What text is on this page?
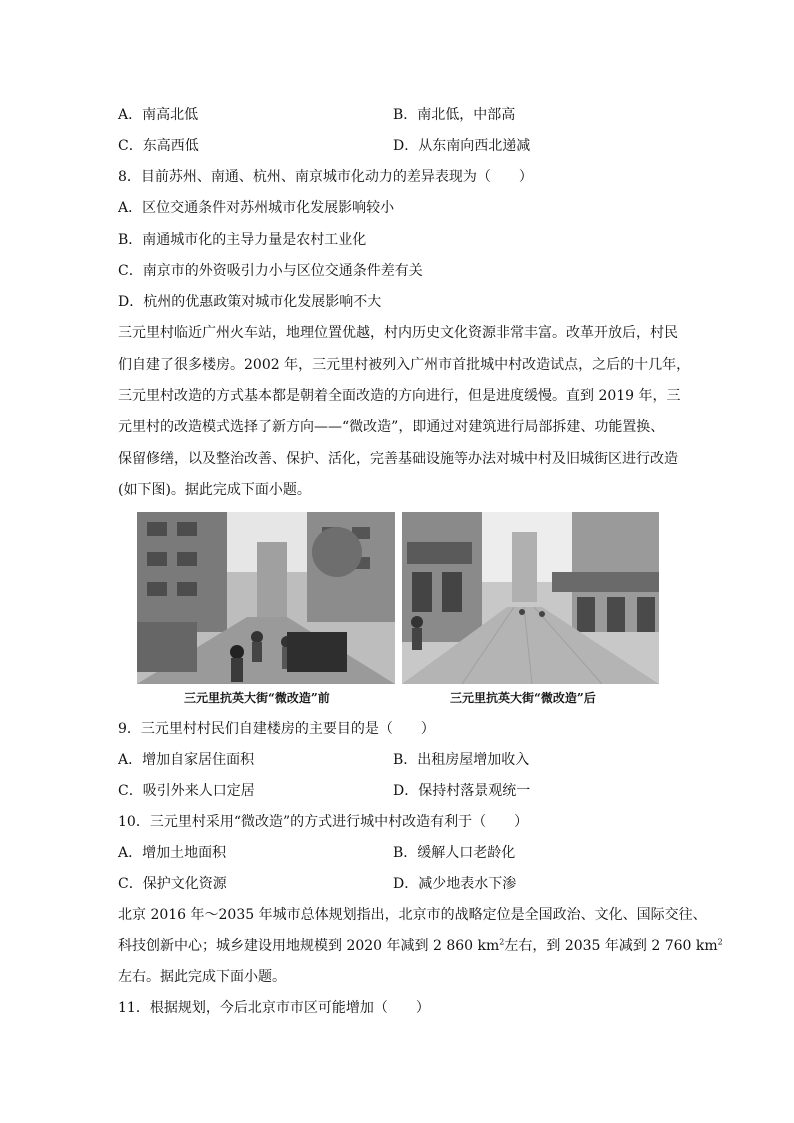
A．南高北低	B．南北低，中部高
C．东高西低	D．从东南向西北递减
8．目前苏州、南通、杭州、南京城市化动力的差异表现为（　　）
A．区位交通条件对苏州城市化发展影响较小
B．南通城市化的主导力量是农村工业化
C．南京市的外资吸引力小与区位交通条件差有关
D．杭州的优惠政策对城市化发展影响不大
三元里村临近广州火车站，地理位置优越，村内历史文化资源非常丰富。改革开放后，村民
们自建了很多楼房。2002 年，三元里村被列入广州市首批城中村改造试点，之后的十几年，
三元里村改造的方式基本都是朝着全面改造的方向进行，但是进度缓慢。直到 2019 年，三
元里村的改造模式选择了新方向——“微改造”，即通过对建筑进行局部拆建、功能置换、
保留修缮，以及整治改善、保护、活化，完善基础设施等办法对城中村及旧城街区进行改造
(如下图)。据此完成下面小题。
三元里抗英大街“微改造”前	三元里抗英大街“微改造”后
9．三元里村村民们自建楼房的主要目的是（　　）
A．增加自家居住面积	B．出租房屋增加收入
C．吸引外来人口定居	D．保持村落景观统一
10．三元里村采用“微改造”的方式进行城中村改造有利于（　　）
A．增加土地面积	B．缓解人口老龄化
C．保护文化资源	D．减少地表水下渗
北京 2016 年～2035 年城市总体规划指出，北京市的战略定位是全国政治、文化、国际交往、
科技创新中心；城乡建设用地规模到 2020 年减到 2 860 $km^2$左右，到 2035 年减到 2 760 $km^2$
左右。据此完成下面小题。
11．根据规划，今后北京市市区可能增加（　　）
